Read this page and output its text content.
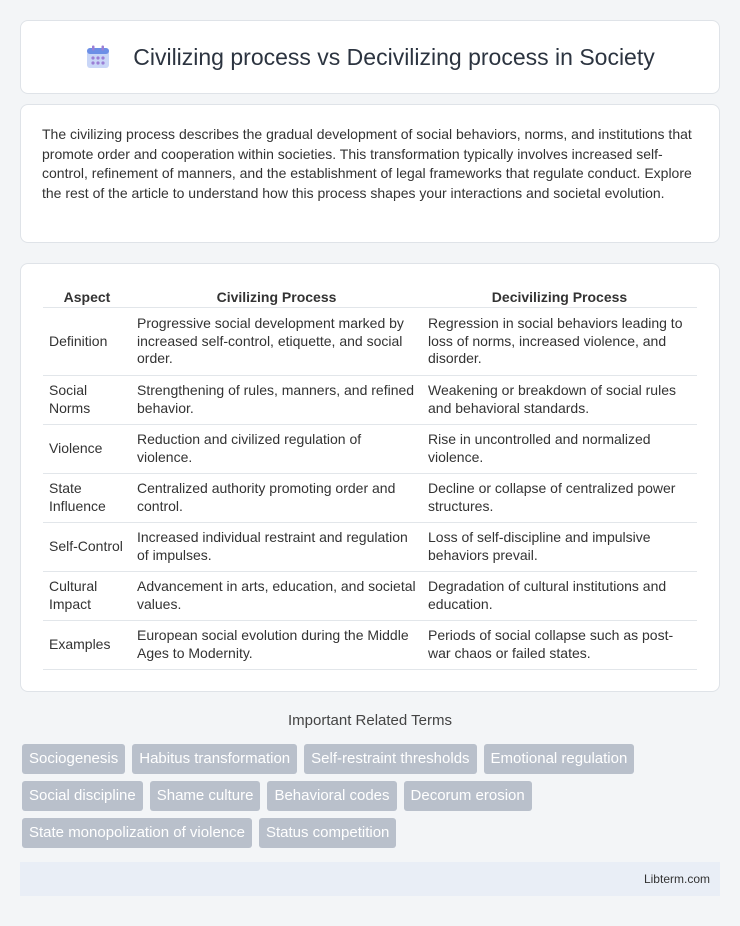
Civilizing process vs Decivilizing process in Society

The civilizing process describes the gradual development of social behaviors, norms, and institutions that promote order and cooperation within societies. This transformation typically involves increased self-control, refinement of manners, and the establishment of legal frameworks that regulate conduct. Explore the rest of the article to understand how this process shapes your interactions and societal evolution.

Aspect	Civilizing Process	Decivilizing Process
Definition	Progressive social development marked by increased self-control, etiquette, and social order.	Regression in social behaviors leading to loss of norms, increased violence, and disorder.
Social Norms	Strengthening of rules, manners, and refined behavior.	Weakening or breakdown of social rules and behavioral standards.
Violence	Reduction and civilized regulation of violence.	Rise in uncontrolled and normalized violence.
State Influence	Centralized authority promoting order and control.	Decline or collapse of centralized power structures.
Self-Control	Increased individual restraint and regulation of impulses.	Loss of self-discipline and impulsive behaviors prevail.
Cultural Impact	Advancement in arts, education, and societal values.	Degradation of cultural institutions and education.
Examples	European social evolution during the Middle Ages to Modernity.	Periods of social collapse such as post-war chaos or failed states.
Important Related Terms
Sociogenesis	Habitus transformation	Self-restraint thresholds	Emotional regulation
Social discipline	Shame culture	Behavioral codes	Decorum erosion
State monopolization of violence	Status competition
Libterm.com
